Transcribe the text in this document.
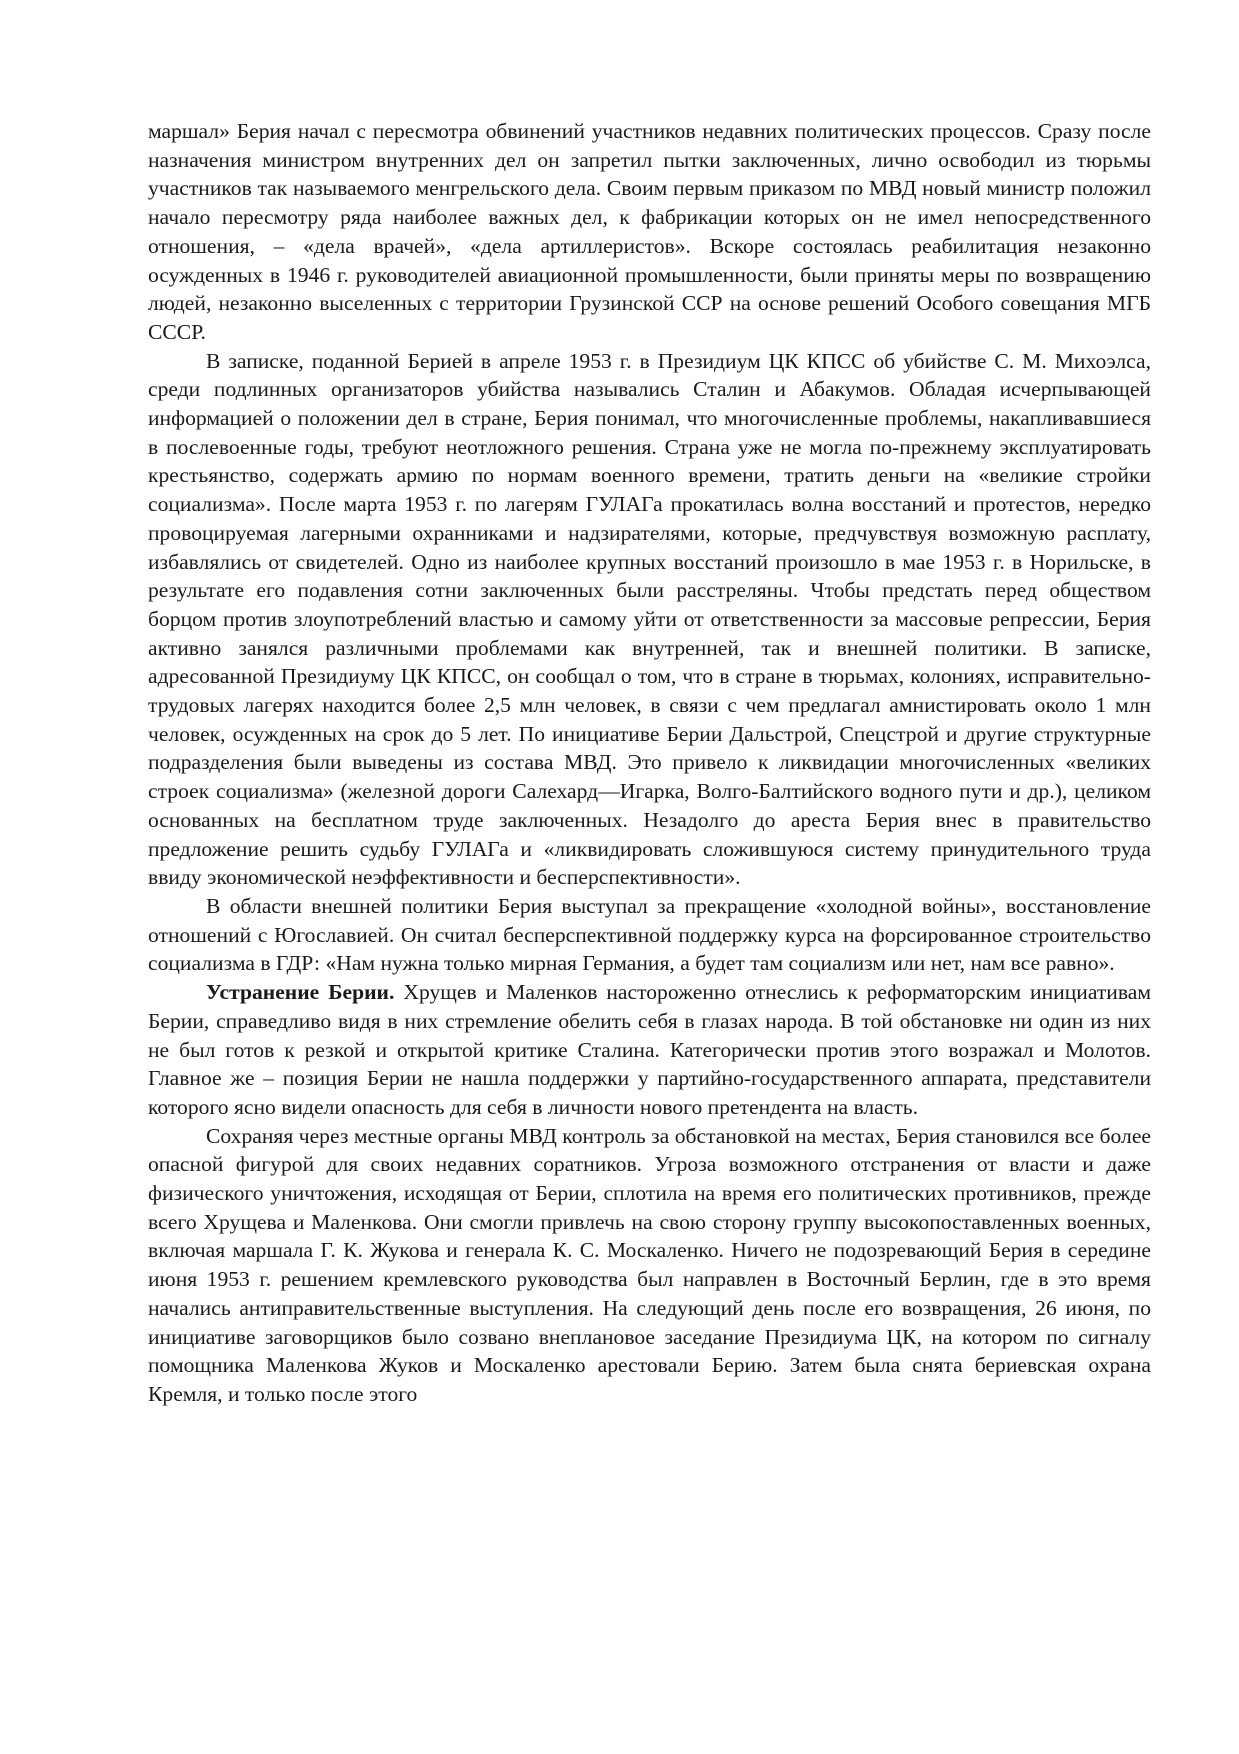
маршал» Берия начал с пересмотра обвинений участников недавних политических процессов. Сразу после назначения министром внутренних дел он запретил пытки заключенных, лично освободил из тюрьмы участников так называемого менгрельского дела. Своим первым приказом по МВД новый министр положил начало пересмотру ряда наиболее важных дел, к фабрикации которых он не имел непосредственного отношения, – «дела врачей», «дела артиллеристов». Вскоре состоялась реабилитация незаконно осужденных в 1946 г. руководителей авиационной промышленности, были приняты меры по возвращению людей, незаконно выселенных с территории Грузинской ССР на основе решений Особого совещания МГБ СССР.

В записке, поданной Берией в апреле 1953 г. в Президиум ЦК КПСС об убийстве С. М. Михоэлса, среди подлинных организаторов убийства назывались Сталин и Абакумов. Обладая исчерпывающей информацией о положении дел в стране, Берия понимал, что многочисленные проблемы, накапливавшиеся в послевоенные годы, требуют неотложного решения. Страна уже не могла по-прежнему эксплуатировать крестьянство, содержать армию по нормам военного времени, тратить деньги на «великие стройки социализма». После марта 1953 г. по лагерям ГУЛАГа прокатилась волна восстаний и протестов, нередко провоцируемая лагерными охранниками и надзирателями, которые, предчувствуя возможную расплату, избавлялись от свидетелей. Одно из наиболее крупных восстаний произошло в мае 1953 г. в Норильске, в результате его подавления сотни заключенных были расстреляны. Чтобы предстать перед обществом борцом против злоупотреблений властью и самому уйти от ответственности за массовые репрессии, Берия активно занялся различными проблемами как внутренней, так и внешней политики. В записке, адресованной Президиуму ЦК КПСС, он сообщал о том, что в стране в тюрьмах, колониях, исправительно-трудовых лагерях находится более 2,5 млн человек, в связи с чем предлагал амнистировать около 1 млн человек, осужденных на срок до 5 лет. По инициативе Берии Дальстрой, Спецстрой и другие структурные подразделения были выведены из состава МВД. Это привело к ликвидации многочисленных «великих строек социализма» (железной дороги Салехард—Игарка, Волго-Балтийского водного пути и др.), целиком основанных на бесплатном труде заключенных. Незадолго до ареста Берия внес в правительство предложение решить судьбу ГУЛАГа и «ликвидировать сложившуюся систему принудительного труда ввиду экономической неэффективности и бесперспективности».

В области внешней политики Берия выступал за прекращение «холодной войны», восстановление отношений с Югославией. Он считал бесперспективной поддержку курса на форсированное строительство социализма в ГДР: «Нам нужна только мирная Германия, а будет там социализм или нет, нам все равно».

Устранение Берии. Хрущев и Маленков настороженно отнеслись к реформаторским инициативам Берии, справедливо видя в них стремление обелить себя в глазах народа. В той обстановке ни один из них не был готов к резкой и открытой критике Сталина. Категорически против этого возражал и Молотов. Главное же – позиция Берии не нашла поддержки у партийно-государственного аппарата, представители которого ясно видели опасность для себя в личности нового претендента на власть.

Сохраняя через местные органы МВД контроль за обстановкой на местах, Берия становился все более опасной фигурой для своих недавних соратников. Угроза возможного отстранения от власти и даже физического уничтожения, исходящая от Берии, сплотила на время его политических противников, прежде всего Хрущева и Маленкова. Они смогли привлечь на свою сторону группу высокопоставленных военных, включая маршала Г. К. Жукова и генерала К. С. Москаленко. Ничего не подозревающий Берия в середине июня 1953 г. решением кремлевского руководства был направлен в Восточный Берлин, где в это время начались антиправительственные выступления. На следующий день после его возвращения, 26 июня, по инициативе заговорщиков было созвано внеплановое заседание Президиума ЦК, на котором по сигналу помощника Маленкова Жуков и Москаленко арестовали Берию. Затем была снята бериевская охрана Кремля, и только после этого
